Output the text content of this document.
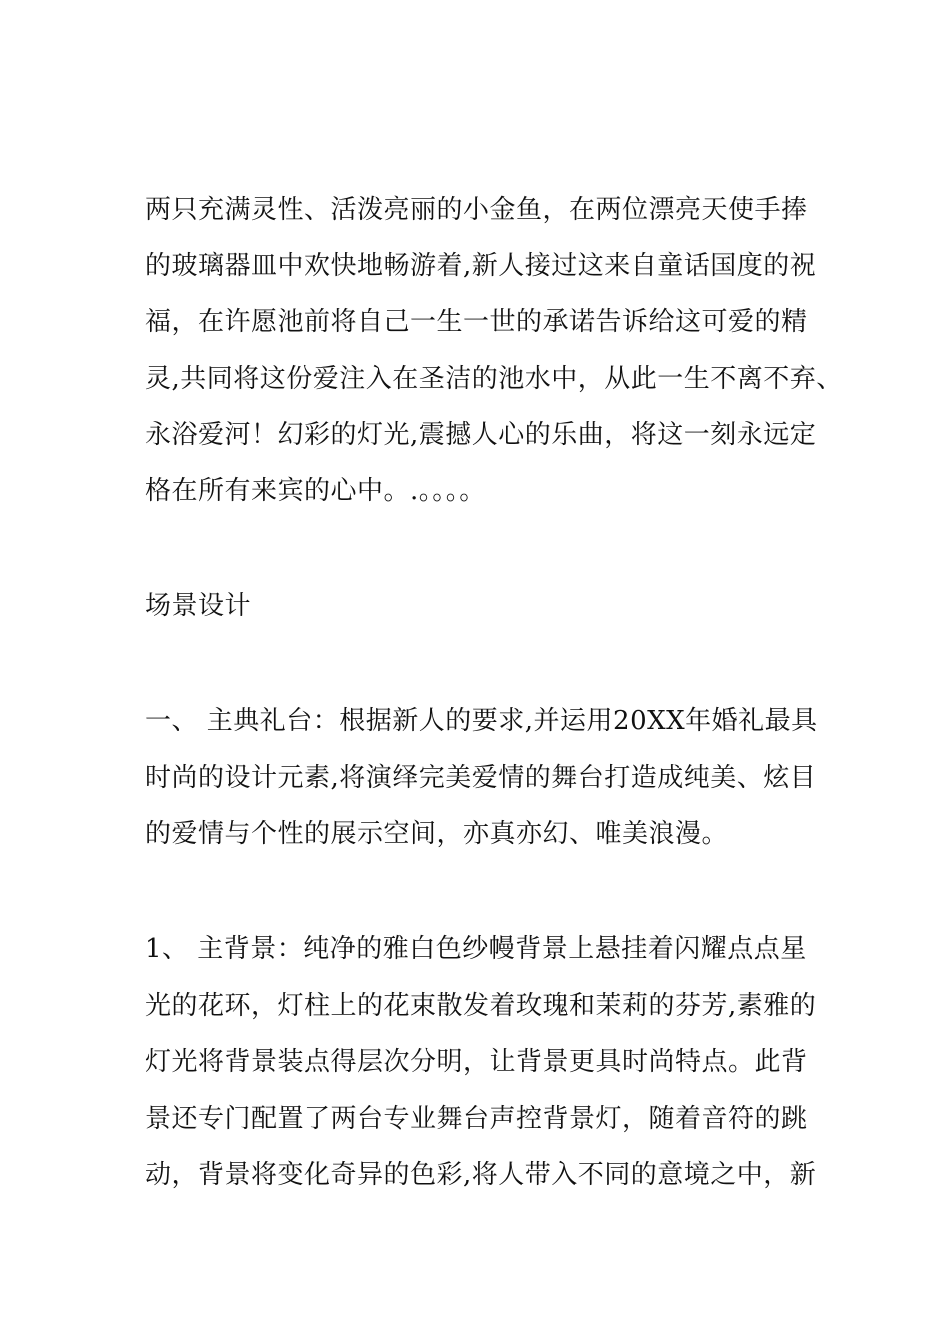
两只充满灵性、活泼亮丽的小金鱼，在两位漂亮天使手捧
的玻璃器皿中欢快地畅游着,新人接过这来自童话国度的祝
福，在许愿池前将自己一生一世的承诺告诉给这可爱的精
灵,共同将这份爱注入在圣洁的池水中，从此一生不离不弃、
永浴爱河！幻彩的灯光,震撼人心的乐曲，将这一刻永远定
格在所有来宾的心中。.。。。。
场景设计
一、 主典礼台：根据新人的要求,并运用20XX年婚礼最具
时尚的设计元素,将演绎完美爱情的舞台打造成纯美、炫目
的爱情与个性的展示空间，亦真亦幻、唯美浪漫。
1、 主背景：纯净的雅白色纱幔背景上悬挂着闪耀点点星
光的花环，灯柱上的花束散发着玫瑰和茉莉的芬芳,素雅的
灯光将背景装点得层次分明，让背景更具时尚特点。此背
景还专门配置了两台专业舞台声控背景灯，随着音符的跳
动，背景将变化奇异的色彩,将人带入不同的意境之中，新
